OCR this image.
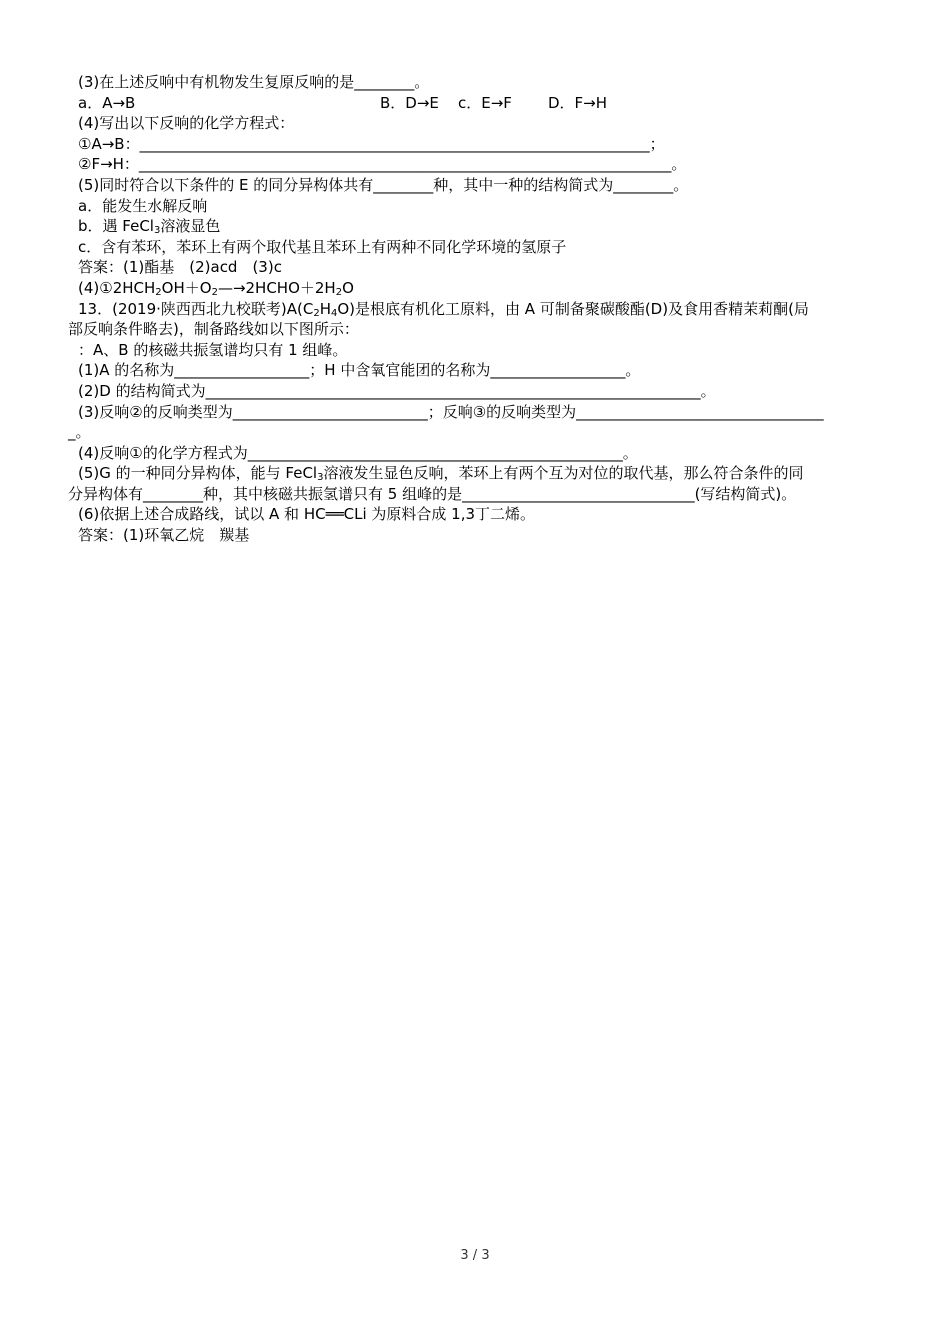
(3)在上述反响中有机物发生复原反响的是________。
a．A→B	B．D→E c．E→F D．F→H
(4)写出以下反响的化学方程式：
①A→B：____________________________________________________________________；
②F→H：_______________________________________________________________________。
(5)同时符合以下条件的 E 的同分异构体共有________种，其中一种的结构简式为________。
a．能发生水解反响
b．遇 FeCl$_3$溶液显色
c．含有苯环，苯环上有两个取代基且苯环上有两种不同化学环境的氢原子
答案：(1)酯基　(2)acd　(3)c
$(4)①2HCH_2OH+O_2—\to 2HCHO+2H_2O$
13．(2019·陕西西北九校联考)$A(C_2H_4O)$是根底有机化工原料，由 A 可制备聚碳酸酯(D)及食用香精茉莉酮(局
部反响条件略去)，制备路线如以下图所示：
：A、B 的核磁共振氢谱均只有 1 组峰。
(1)A 的名称为__________________；H 中含氧官能团的名称为__________________。
(2)D 的结构简式为__________________________________________________________________。
(3)反响②的反响类型为__________________________；反响③的反响类型为_________________________________
_。
(4)反响①的化学方程式为__________________________________________________。
(5)G 的一种同分异构体，能与 FeCl$_3$溶液发生显色反响，苯环上有两个互为对位的取代基，那么符合条件的同
分异构体有________种，其中核磁共振氢谱只有 5 组峰的是_______________________________(写结构简式)。
(6)依据上述合成路线，试以 A 和 HC══CLi 为原料合成 1,3丁二烯。
答案：(1)环氧乙烷　羰基
3 / 3
